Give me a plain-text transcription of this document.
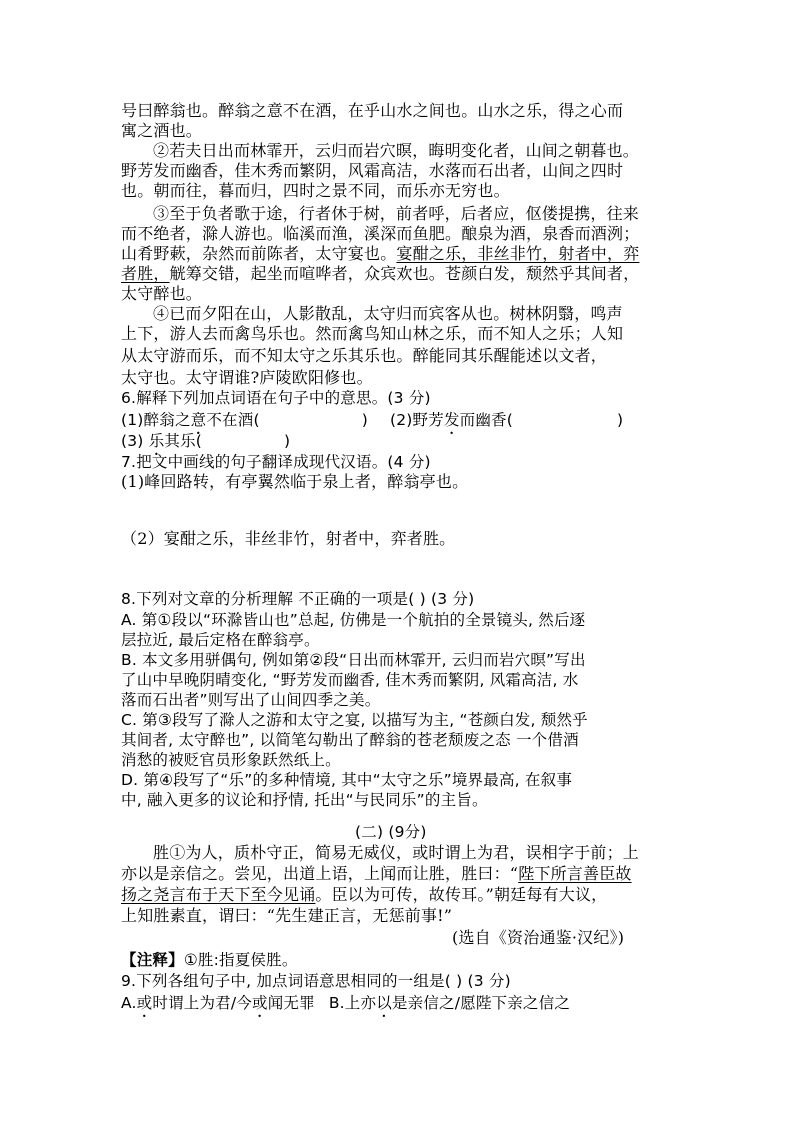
号曰醉翁也。醉翁之意不在酒，在乎山水之间也。山水之乐，得之心而
寓之酒也。
②若夫日出而林霏开，云归而岩穴暝，晦明变化者，山间之朝暮也。
野芳发而幽香，佳木秀而繁阴，风霜高洁，水落而石出者，山间之四时
也。朝而往，暮而归，四时之景不同，而乐亦无穷也。
③至于负者歌于途，行者休于树，前者呼，后者应，伛偻提携，往来
而不绝者，滁人游也。临溪而渔，溪深而鱼肥。酿泉为酒，泉香而酒洌；
山肴野蔌，杂然而前陈者，太守宴也。宴酣之乐，非丝非竹，射者中，弈
者胜，觥筹交错，起坐而喧哗者，众宾欢也。苍颜白发，颓然乎其间者，
太守醉也。
④已而夕阳在山，人影散乱，太守归而宾客从也。树林阴翳，鸣声
上下，游人去而禽鸟乐也。然而禽鸟知山林之乐，而不知人之乐；人知
从太守游而乐，而不知太守之乐其乐也。醉能同其乐醒能述以文者，
太守也。太守谓谁?庐陵欧阳修也。
6.解释下列加点词语在句子中的意思。(3 分)
(1)醉翁之意不在酒(	) (2)野芳发而幽香(	)
(3) 乐其乐(	)
7.把文中画线的句子翻译成现代汉语。(4 分)
(1)峰回路转，有亭翼然临于泉上者，醉翁亭也。
（2）宴酣之乐，非丝非竹，射者中，弈者胜。
8.下列对文章的分析理解 不正确的一项是( ) (3 分)
A. 第①段以“环滁皆山也”总起, 仿佛是一个航拍的全景镜头, 然后逐
层拉近, 最后定格在醉翁亭。
B. 本文多用骈偶句, 例如第②段“日出而林霏开, 云归而岩穴暝”写出
了山中早晚阴晴变化, “野芳发而幽香, 佳木秀而繁阴, 风霜高洁, 水
落而石出者”则写出了山间四季之美。
C. 第③段写了滁人之游和太守之宴, 以描写为主, “苍颜白发, 颓然乎
其间者, 太守醉也”, 以简笔勾勒出了醉翁的苍老颓废之态 一个借酒
消愁的被贬官员形象跃然纸上。
D. 第④段写了“乐”的多种情境, 其中“太守之乐”境界最高, 在叙事
中, 融入更多的议论和抒情, 托出“与民同乐”的主旨。
(二) (9分)
胜①为人，质朴守正，简易无威仪，或时谓上为君，误相字于前；上
亦以是亲信之。尝见，出道上语，上闻而让胜，胜曰：“陛下所言善臣故
扬之尧言布于天下至今见诵。臣以为可传，故传耳。”朝廷每有大议，
上知胜素直，谓曰：“先生建正言，无惩前事!”
(选自《资治通鉴·汉纪》)
【注释】①胜:指夏侯胜。
9.下列各组句子中, 加点词语意思相同的一组是( ) (3 分)
A.或时谓上为君/今或闻无罪 B.上亦以是亲信之/愿陛下亲之信之
